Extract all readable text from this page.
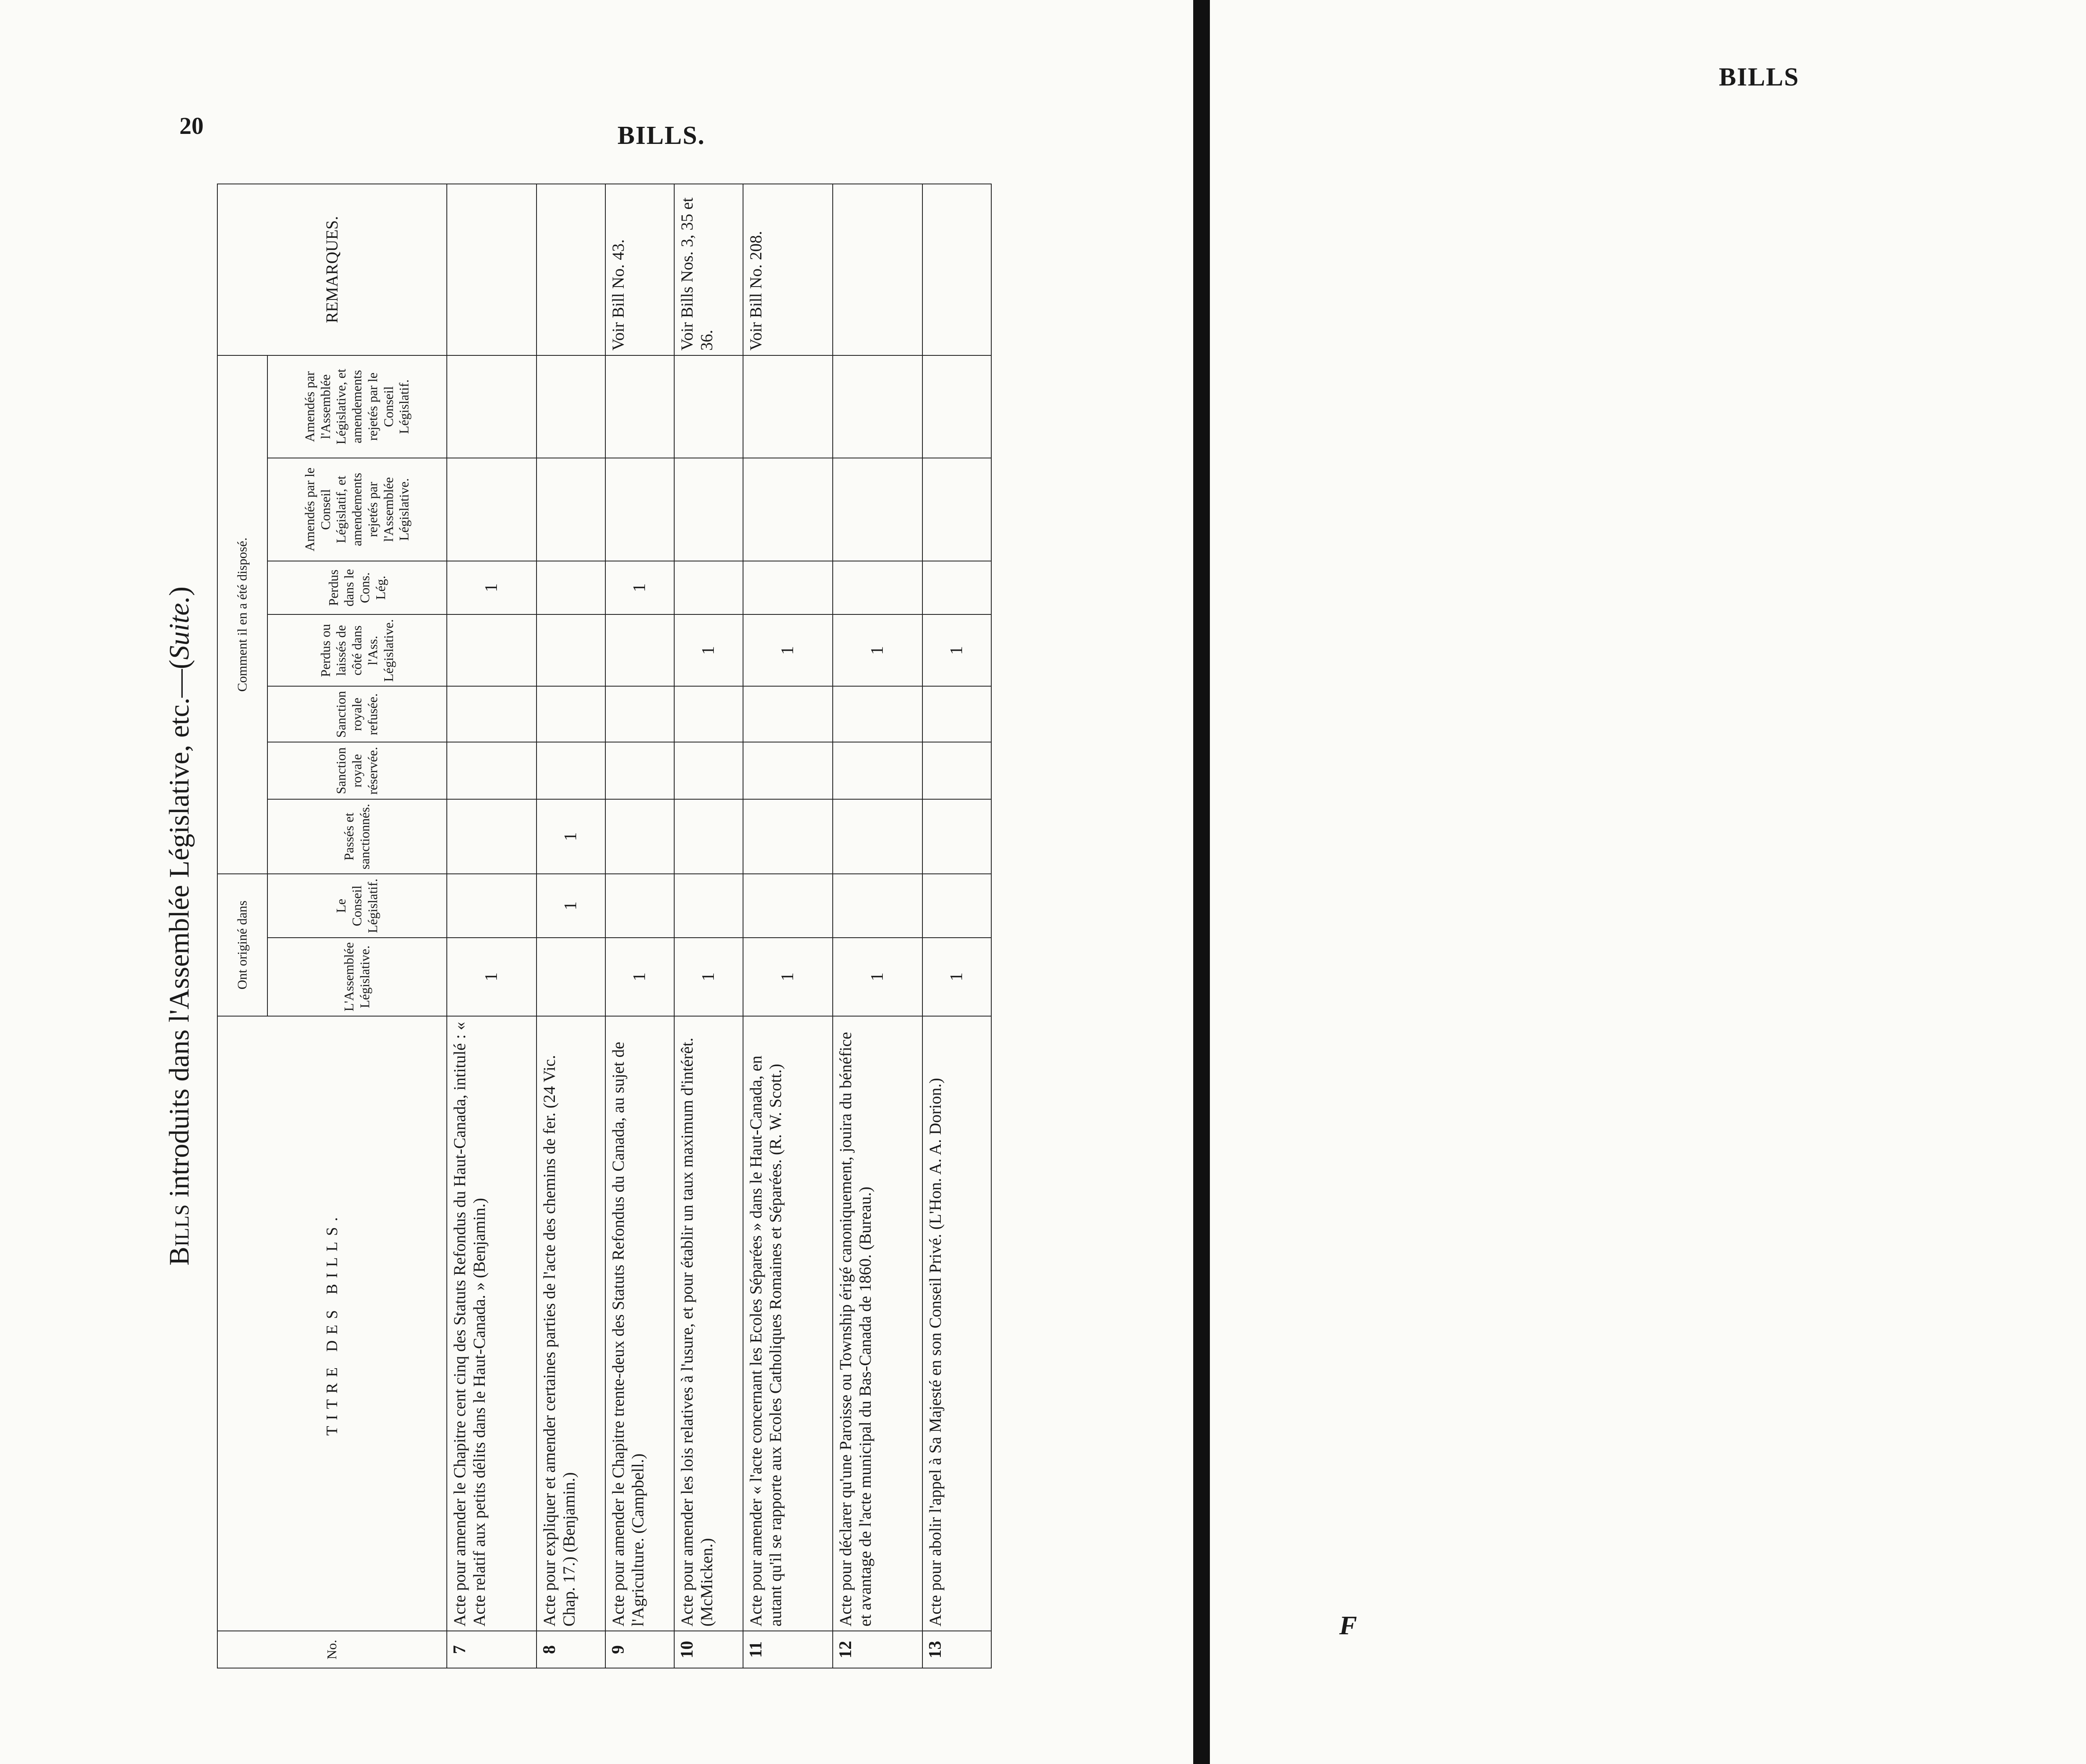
20	BILLS.
Bills introduits dans l'Assemblée Législative, etc.—(Suite.)
No.	TITRE DES BILLS.	Ont originé dans		Comment il en a été disposé.							REMARQUES.
		L'Assemblée Législative.	Le Conseil Législatif.	Passés et sanctionnés.	Sanction royale réservée.	Sanction royale refusée.	Perdus ou laissés de côté dans l'Ass. Législative.	Perdus dans le Cons. Lég.	Amendés par le Conseil Législatif, et amendements rejetés par l'Assemblée Législative.	Amendés par l'Assemblée Législative, et amendements rejetés par le Conseil Législatif.	
7	Acte pour amender le Chapitre cent cinq des Statuts Refondus du Haut-Canada, intitulé : « Acte relatif aux petits délits dans le Haut-Canada. » (Benjamin.)	1						1			
8	Acte pour expliquer et amender certaines parties de l'acte des chemins de fer. (24 Vic. Chap. 17.) (Benjamin.)		1	1							
9	Acte pour amender le Chapitre trente-deux des Statuts Refondus du Canada, au sujet de l'Agriculture. (Campbell.)	1						1			Voir Bill No. 43.
10	Acte pour amender les lois relatives à l'usure, et pour établir un taux maximum d'intérêt. (McMicken.)	1					1				Voir Bills Nos. 3, 35 et 36.
11	Acte pour amender « l'acte concernant les Ecoles Séparées » dans le Haut-Canada, en autant qu'il se rapporte aux Ecoles Catholiques Romaines et Séparées. (R. W. Scott.)	1					1				Voir Bill No. 208.
12	Acte pour déclarer qu'une Paroisse ou Township érigé canoniquement, jouira du bénéfice et avantage de l'acte municipal du Bas-Canada de 1860. (Bureau.)	1					1				
13	Acte pour abolir l'appel à Sa Majesté en son Conseil Privé. (L'Hon. A. A. Dorion.)	1					1				
BILLS
F
